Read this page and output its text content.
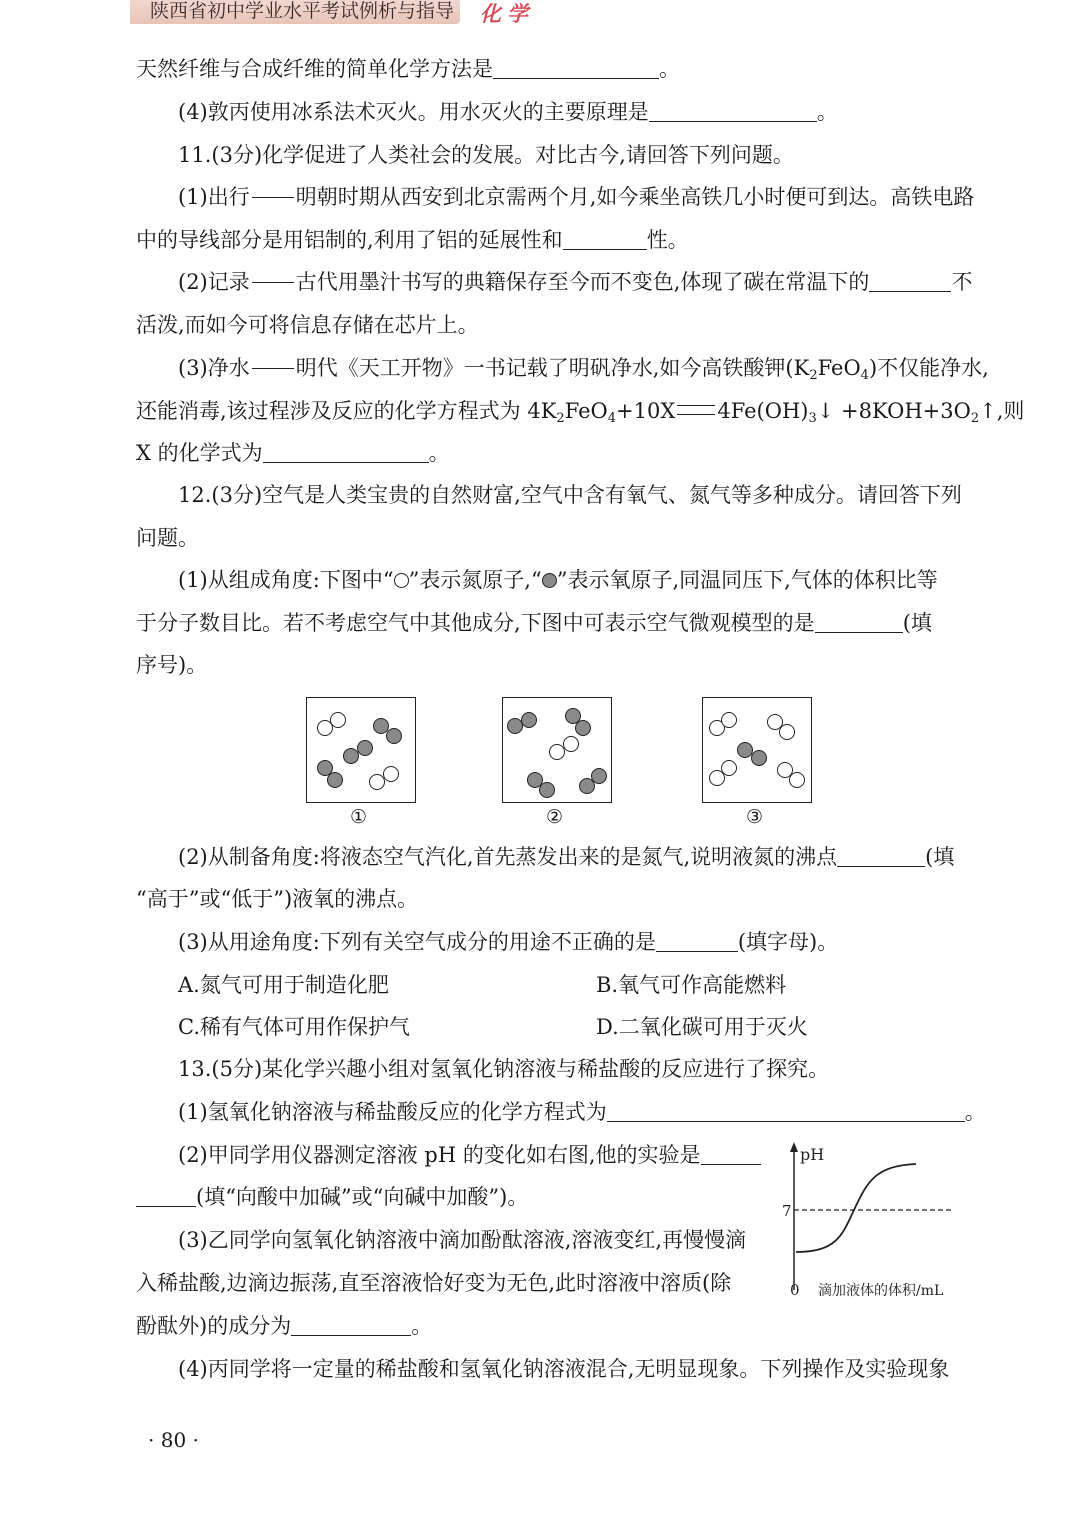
陕西省初中学业水平考试例析与指导 化学
天然纤维与合成纤维的简单化学方法是	。
(4)敦丙使用冰系法术灭火。用水灭火的主要原理是	。
11.(3分)化学促进了人类社会的发展。对比古今,请回答下列问题。
(1)出行 明朝时期从西安到北京需两个月,如今乘坐高铁几小时便可到达。高铁电路
中的导线部分是用铝制的,利用了铝的延展性和	性。
(2)记录 古代用墨汁书写的典籍保存至今而不变色,体现了碳在常温下的	不
活泼,而如今可将信息存储在芯片上。
(3)净水 明代《天工开物》一书记载了明矾净水,如今高铁酸钾$(K_2FeO_4)$不仅能净水,
还能消毒,该过程涉及反应的化学方程式为 $4K_2FeO_4+10X$ $4Fe(OH)_3↓$ $+8KOH+3O_2↑$,则
X 的化学式为	。
12.(3分)空气是人类宝贵的自然财富,空气中含有氧气、氮气等多种成分。请回答下列
问题。
(1)从组成角度:下图中“ ”表示氮原子,“ ”表示氧原子,同温同压下,气体的体积比等
于分子数目比。若不考虑空气中其他成分,下图中可表示空气微观模型的是	(填
序号)。
①	②	③
(2)从制备角度:将液态空气汽化,首先蒸发出来的是氮气,说明液氮的沸点	(填
“高于”或“低于”)液氧的沸点。
(3)从用途角度:下列有关空气成分的用途不正确的是	(填字母)。
A.氮气可用于制造化肥	B.氧气可作高能燃料
C.稀有气体可用作保护气	D.二氧化碳可用于灭火
13.(5分)某化学兴趣小组对氢氧化钠溶液与稀盐酸的反应进行了探究。
(1)氢氧化钠溶液与稀盐酸反应的化学方程式为	。
(2)甲同学用仪器测定溶液 pH 的变化如右图,他的实验是
(填“向酸中加碱”或“向碱中加酸”)。
(3)乙同学向氢氧化钠溶液中滴加酚酞溶液,溶液变红,再慢慢滴
入稀盐酸,边滴边振荡,直至溶液恰好变为无色,此时溶液中溶质(除
酚酞外)的成分为	。
(4)丙同学将一定量的稀盐酸和氢氧化钠溶液混合,无明显现象。下列操作及实验现象
pH
7
0 滴加液体的体积/mL
· 80 ·
